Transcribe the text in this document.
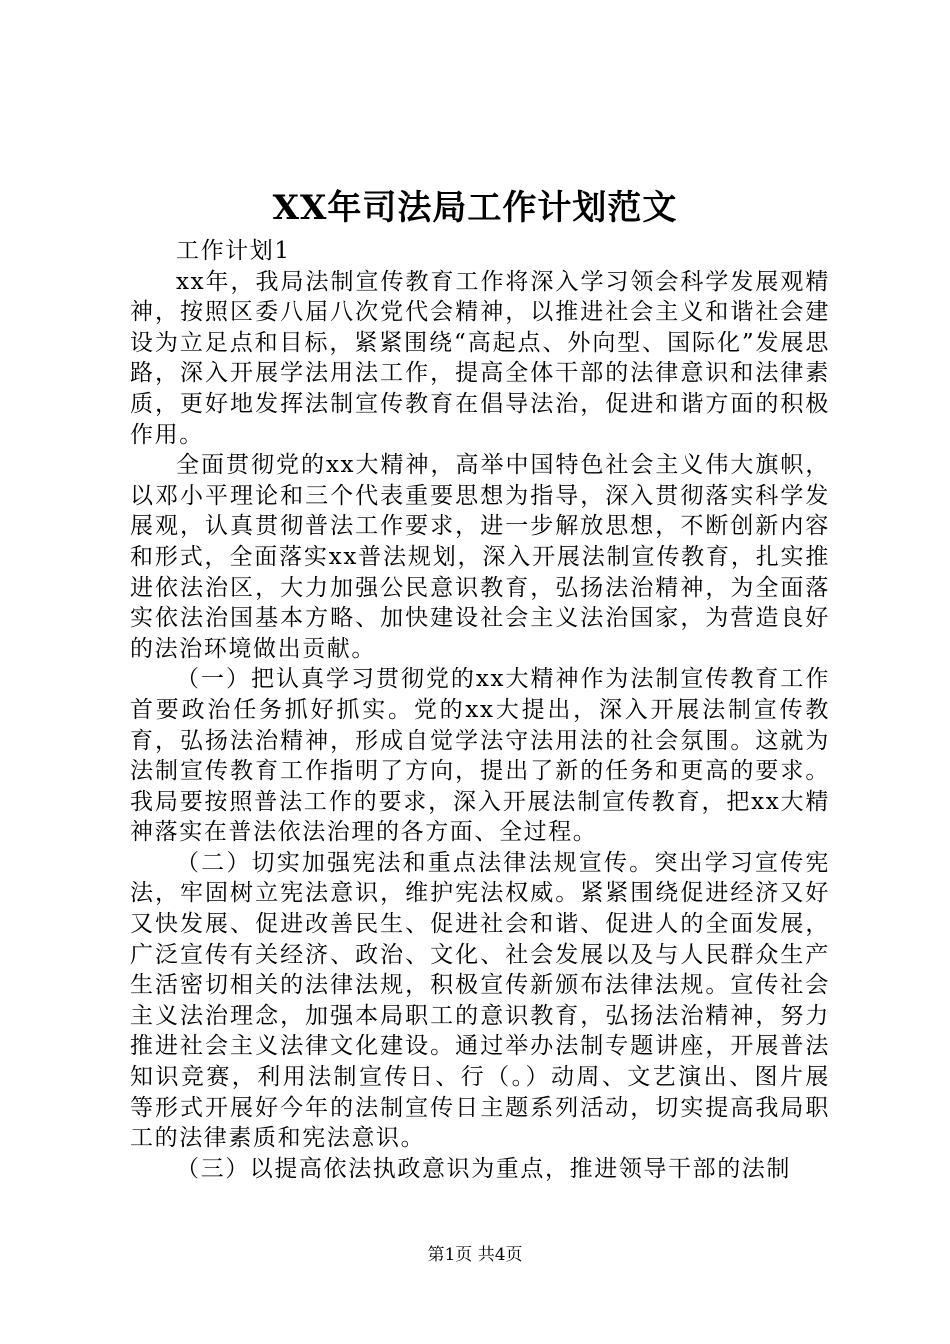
XX年司法局工作计划范文

工作计划1

xx年，我局法制宣传教育工作将深入学习领会科学发展观精神，按照区委八届八次党代会精神，以推进社会主义和谐社会建设为立足点和目标，紧紧围绕“高起点、外向型、国际化”发展思路，深入开展学法用法工作，提高全体干部的法律意识和法律素质，更好地发挥法制宣传教育在倡导法治，促进和谐方面的积极作用。

全面贯彻党的xx大精神，高举中国特色社会主义伟大旗帜，以邓小平理论和三个代表重要思想为指导，深入贯彻落实科学发展观，认真贯彻普法工作要求，进一步解放思想，不断创新内容和形式，全面落实xx普法规划，深入开展法制宣传教育，扎实推进依法治区，大力加强公民意识教育，弘扬法治精神，为全面落实依法治国基本方略、加快建设社会主义法治国家，为营造良好的法治环境做出贡献。

（一）把认真学习贯彻党的xx大精神作为法制宣传教育工作首要政治任务抓好抓实。党的xx大提出，深入开展法制宣传教育，弘扬法治精神，形成自觉学法守法用法的社会氛围。这就为法制宣传教育工作指明了方向，提出了新的任务和更高的要求。我局要按照普法工作的要求，深入开展法制宣传教育，把xx大精神落实在普法依法治理的各方面、全过程。

（二）切实加强宪法和重点法律法规宣传。突出学习宣传宪法，牢固树立宪法意识，维护宪法权威。紧紧围绕促进经济又好又快发展、促进改善民生、促进社会和谐、促进人的全面发展，广泛宣传有关经济、政治、文化、社会发展以及与人民群众生产生活密切相关的法律法规，积极宣传新颁布法律法规。宣传社会主义法治理念，加强本局职工的意识教育，弘扬法治精神，努力推进社会主义法律文化建设。通过举办法制专题讲座，开展普法知识竞赛，利用法制宣传日、行（。）动周、文艺演出、图片展等形式开展好今年的法制宣传日主题系列活动，切实提高我局职工的法律素质和宪法意识。

（三）以提高依法执政意识为重点，推进领导干部的法制

第1页 共4页
